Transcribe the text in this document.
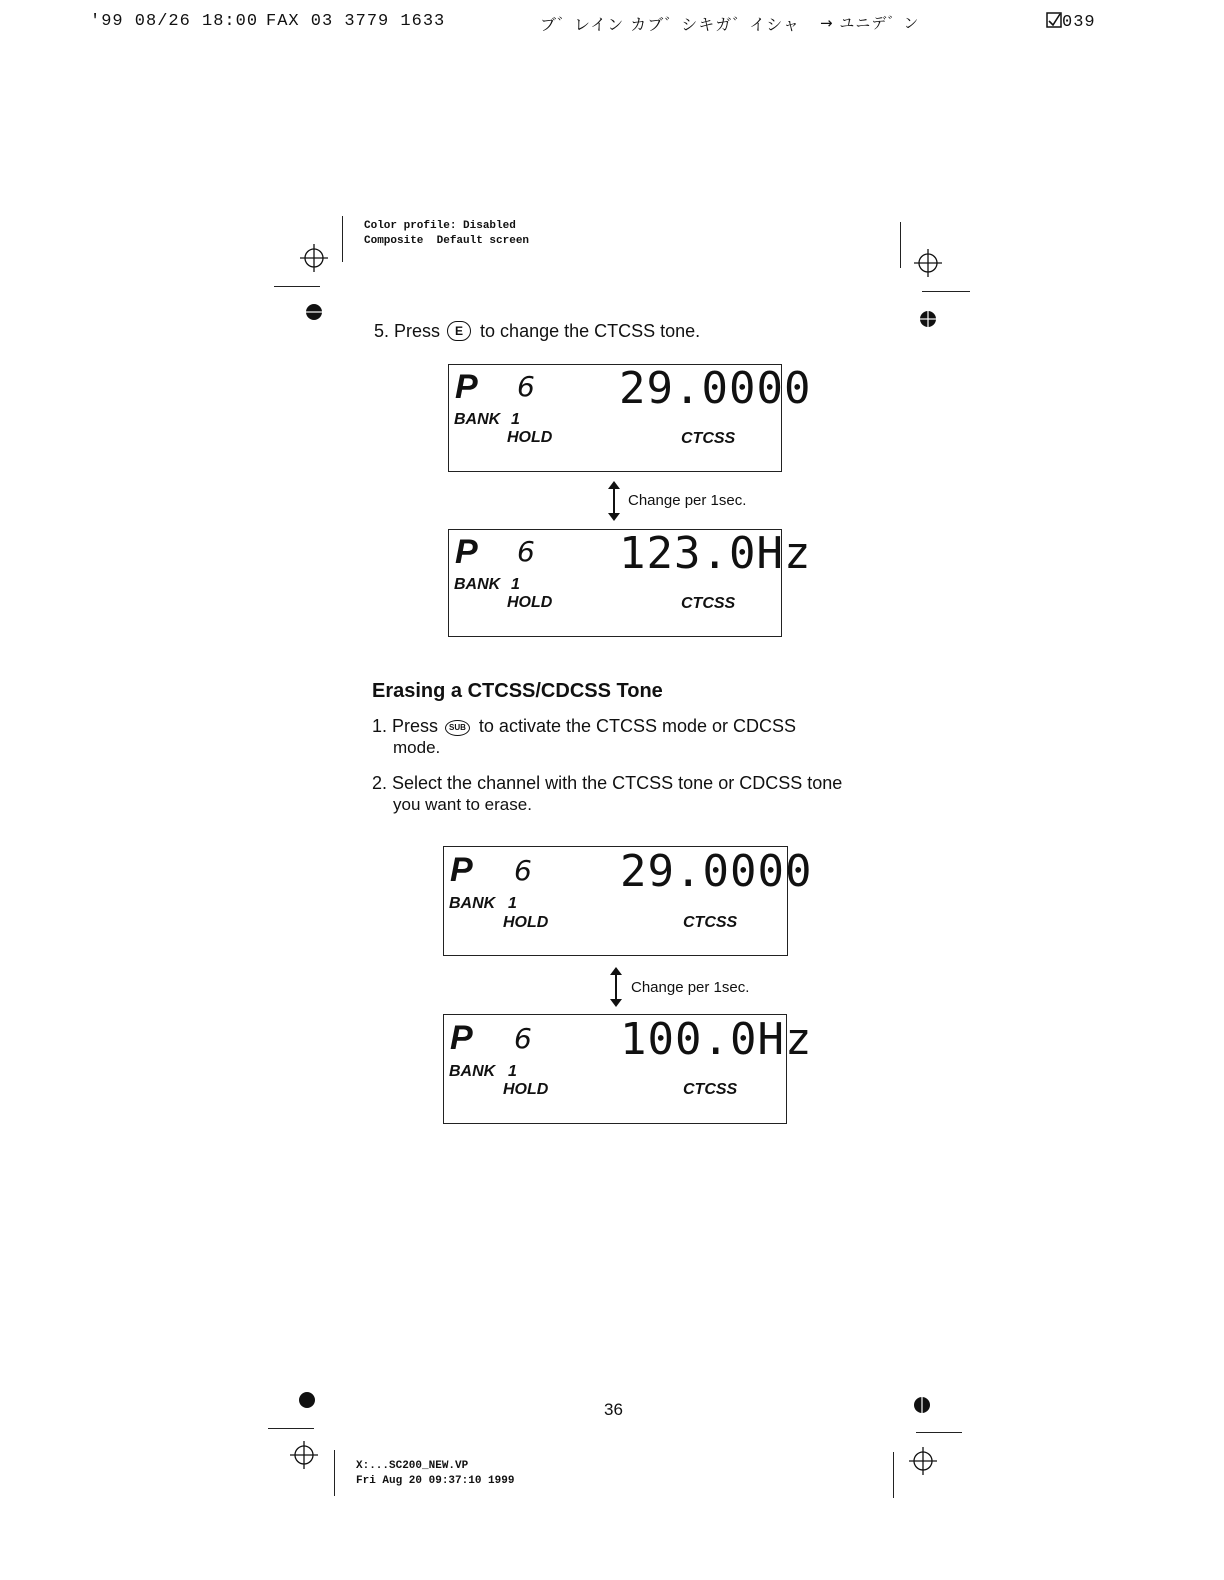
'99 08/26 18:00 FAX 03 3779 1633	ブ゛レイン カブ゛シキガ゛イシャ → ユニデ゛ン	039
Color profile: Disabled
Composite  Default screen
5. Press E to change the CTCSS tone.
P 6 29.0000
BANK 1
HOLD	CTCSS
Change per 1sec.
P 6 123.0Hz
BANK 1
HOLD	CTCSS
Erasing a CTCSS/CDCSS Tone
1. Press SUB to activate the CTCSS mode or CDCSS
mode.
2. Select the channel with the CTCSS tone or CDCSS tone
you want to erase.
P 6 29.0000
BANK 1
HOLD	CTCSS
Change per 1sec.
P 6 100.0Hz
BANK 1
HOLD	CTCSS
36
X:...SC200_NEW.VP
Fri Aug 20 09:37:10 1999
